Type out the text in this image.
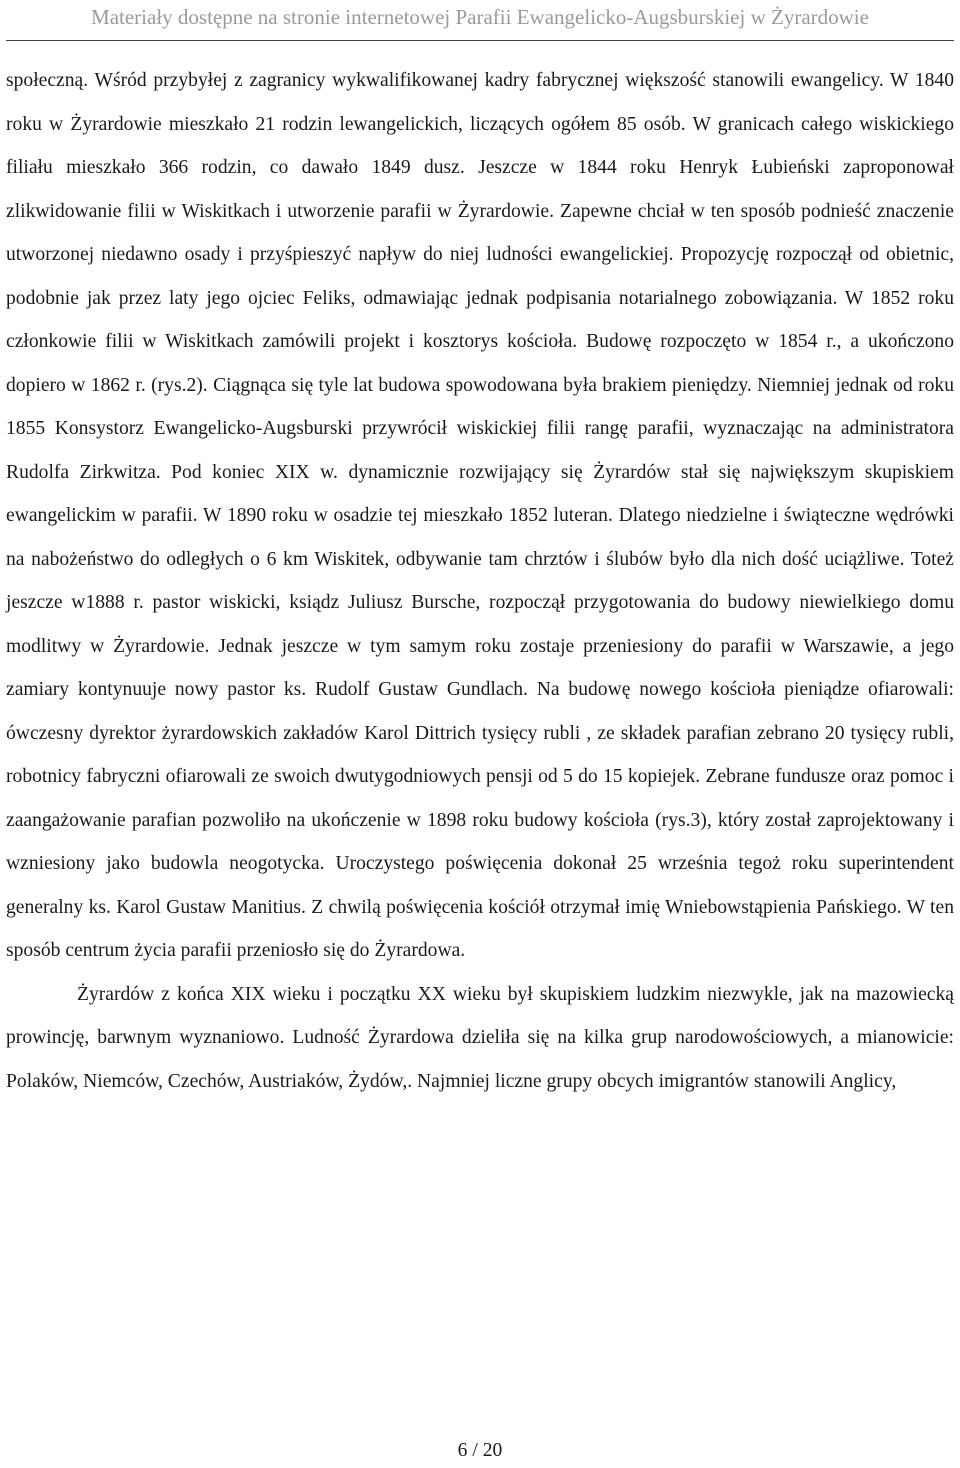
Materiały dostępne na stronie internetowej Parafii Ewangelicko-Augsburskiej w Żyrardowie

społeczną. Wśród przybyłej z zagranicy wykwalifikowanej kadry fabrycznej większość stanowili ewangelicy. W 1840 roku w Żyrardowie mieszkało 21 rodzin lewangelickich, liczących ogółem 85 osób. W granicach całego wiskickiego filiału mieszkało 366 rodzin, co dawało 1849 dusz. Jeszcze w 1844 roku Henryk Łubieński zaproponował zlikwidowanie filii w Wiskitkach i utworzenie parafii w Żyrardowie. Zapewne chciał w ten sposób podnieść znaczenie utworzonej niedawno osady i przyśpieszyć napływ do niej ludności ewangelickiej. Propozycję rozpoczął od obietnic, podobnie jak przez laty jego ojciec Feliks, odmawiając jednak podpisania notarialnego zobowiązania. W 1852 roku członkowie filii w Wiskitkach zamówili projekt i kosztorys kościoła. Budowę rozpoczęto w 1854 r., a ukończono dopiero w 1862 r. (rys.2). Ciągnąca się tyle lat budowa spowodowana była brakiem pieniędzy. Niemniej jednak od roku 1855 Konsystorz Ewangelicko-Augsburski przywrócił wiskickiej filii rangę parafii, wyznaczając na administratora Rudolfa Zirkwitza. Pod koniec XIX w. dynamicznie rozwijający się Żyrardów stał się największym skupiskiem ewangelickim w parafii. W 1890 roku w osadzie tej mieszkało 1852 luteran. Dlatego niedzielne i świąteczne wędrówki na nabożeństwo do odległych o 6 km Wiskitek, odbywanie tam chrztów i ślubów było dla nich dość uciążliwe. Toteż jeszcze w1888 r. pastor wiskicki, ksiądz Juliusz Bursche, rozpoczął przygotowania do budowy niewielkiego domu modlitwy w Żyrardowie. Jednak jeszcze w tym samym roku zostaje przeniesiony do parafii w Warszawie, a jego zamiary kontynuuje nowy pastor ks. Rudolf Gustaw Gundlach. Na budowę nowego kościoła pieniądze ofiarowali: ówczesny dyrektor żyrardowskich zakładów Karol Dittrich tysięcy rubli , ze składek parafian zebrano 20 tysięcy rubli, robotnicy fabryczni ofiarowali ze swoich dwutygodniowych pensji od 5 do 15 kopiejek. Zebrane fundusze oraz pomoc i zaangażowanie parafian pozwoliło na ukończenie w 1898 roku budowy kościoła (rys.3), który został zaprojektowany i wzniesiony jako budowla neogotycka. Uroczystego poświęcenia dokonał 25 września tegoż roku superintendent generalny ks. Karol Gustaw Manitius. Z chwilą poświęcenia kościół otrzymał imię Wniebowstąpienia Pańskiego. W ten sposób centrum życia parafii przeniosło się do Żyrardowa.

Żyrardów z końca XIX wieku i początku XX wieku był skupiskiem ludzkim niezwykle, jak na mazowiecką prowincję, barwnym wyznaniowo. Ludność Żyrardowa dzieliła się na kilka grup narodowościowych, a mianowicie: Polaków, Niemców, Czechów, Austriaków, Żydów,. Najmniej liczne grupy obcych imigrantów stanowili Anglicy,

6 / 20
